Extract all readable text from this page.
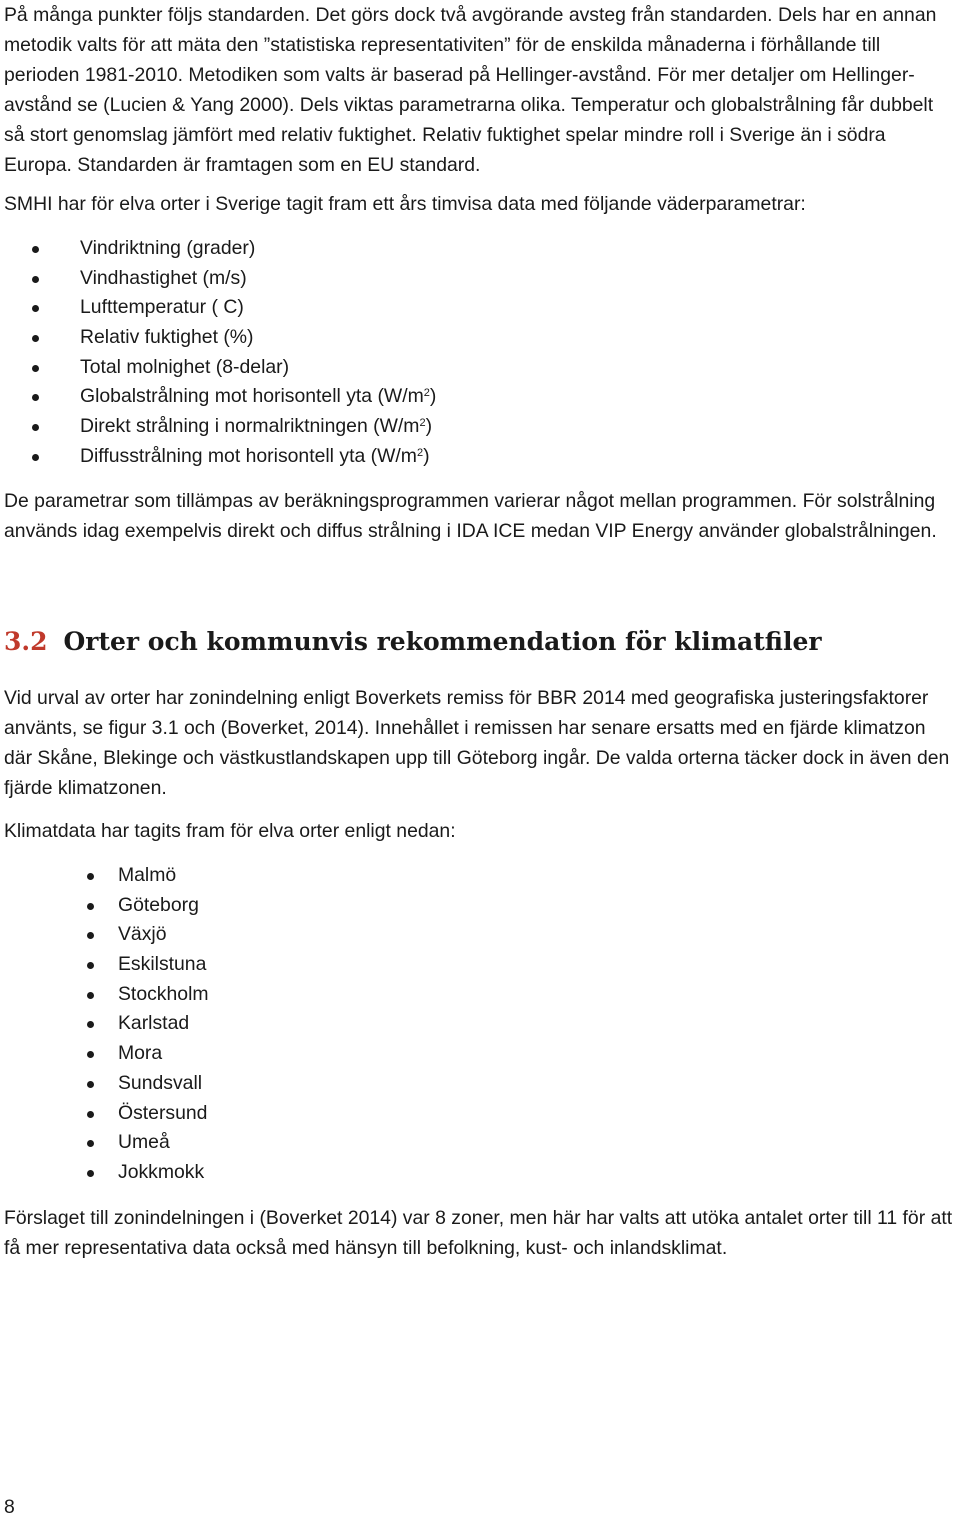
På många punkter följs standarden. Det görs dock två avgörande avsteg från standarden. Dels har en annan metodik valts för att mäta den ”statistiska representativiten” för de enskilda månaderna i förhållande till perioden 1981-2010. Metodiken som valts är baserad på Hellinger-avstånd. För mer detaljer om Hellinger-avstånd se (Lucien & Yang 2000). Dels viktas parametrarna olika. Temperatur och globalstrålning får dubbelt så stort genomslag jämfört med relativ fuktighet. Relativ fuktighet spelar mindre roll i Sverige än i södra Europa. Standarden är framtagen som en EU standard.

SMHI har för elva orter i Sverige tagit fram ett års timvisa data med följande väderparametrar:

Vindriktning (grader)
Vindhastighet (m/s)
Lufttemperatur ( C)
Relativ fuktighet (%)
Total molnighet (8-delar)
Globalstrålning mot horisontell yta $(W/m^2)$
Direkt strålning i normalriktningen $(W/m^2)$
Diffusstrålning mot horisontell yta $(W/m^2)$

De parametrar som tillämpas av beräkningsprogrammen varierar något mellan programmen. För solstrålning används idag exempelvis direkt och diffus strålning i IDA ICE medan VIP Energy använder globalstrålningen.

3.2 Orter och kommunvis rekommendation för klimatfiler

Vid urval av orter har zonindelning enligt Boverkets remiss för BBR 2014 med geografiska justeringsfaktorer använts, se figur 3.1 och (Boverket, 2014). Innehållet i remissen har senare ersatts med en fjärde klimatzon där Skåne, Blekinge och västkustlandskapen upp till Göteborg ingår. De valda orterna täcker dock in även den fjärde klimatzonen.

Klimatdata har tagits fram för elva orter enligt nedan:

Malmö
Göteborg
Växjö
Eskilstuna
Stockholm
Karlstad
Mora
Sundsvall
Östersund
Umeå
Jokkmokk

Förslaget till zonindelningen i (Boverket 2014) var 8 zoner, men här har valts att utöka antalet orter till 11 för att få mer representativa data också med hänsyn till befolkning, kust- och inlandsklimat.

8
